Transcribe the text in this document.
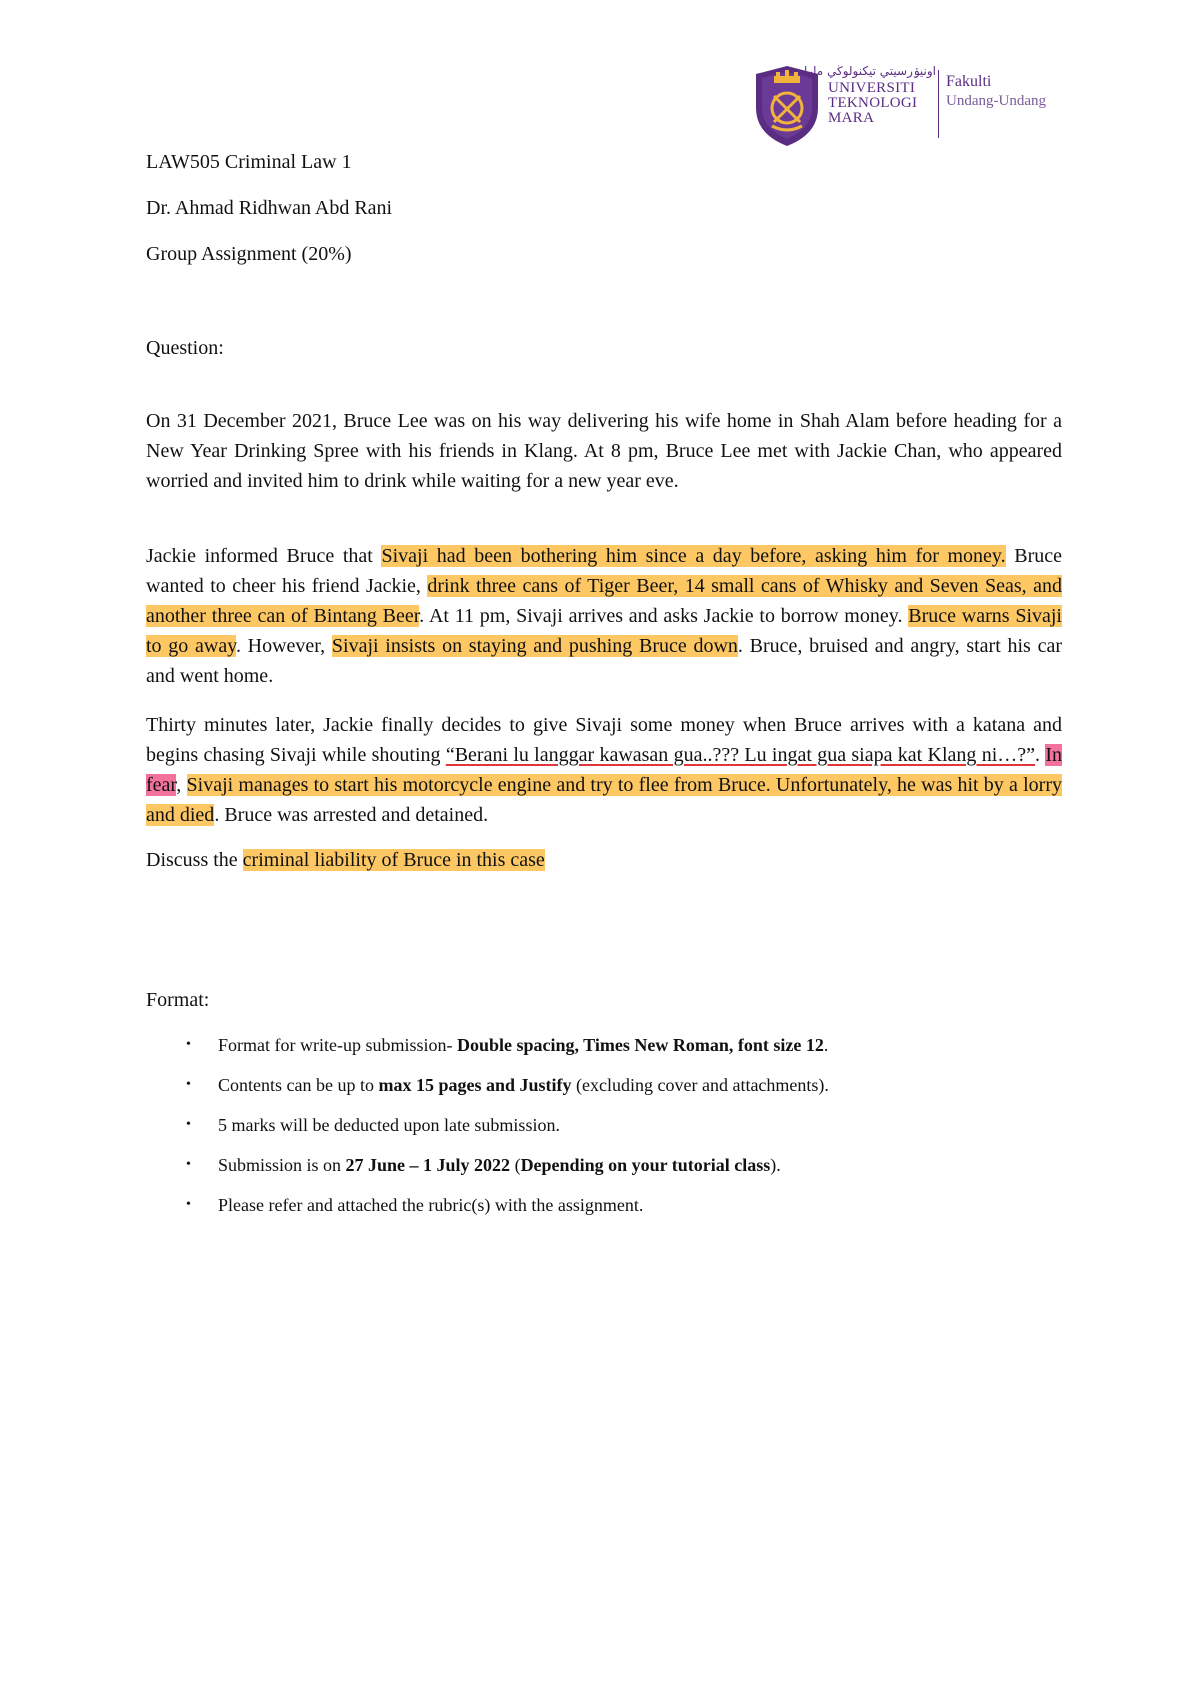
اونيۏرسيتي تيكنولوڬي مارا
UNIVERSITI
TEKNOLOGI
MARA
Fakulti
Undang-Undang
LAW505 Criminal Law 1
Dr. Ahmad Ridhwan Abd Rani
Group Assignment (20%)
Question:
On 31 December 2021, Bruce Lee was on his way delivering his wife home in Shah Alam before heading for a New Year Drinking Spree with his friends in Klang. At 8 pm, Bruce Lee met with Jackie Chan, who appeared worried and invited him to drink while waiting for a new year eve.
Jackie informed Bruce that Sivaji had been bothering him since a day before, asking him for money. Bruce wanted to cheer his friend Jackie, drink three cans of Tiger Beer, 14 small cans of Whisky and Seven Seas, and another three can of Bintang Beer. At 11 pm, Sivaji arrives and asks Jackie to borrow money. Bruce warns Sivaji to go away. However, Sivaji insists on staying and pushing Bruce down. Bruce, bruised and angry, start his car and went home.
Thirty minutes later, Jackie finally decides to give Sivaji some money when Bruce arrives with a katana and begins chasing Sivaji while shouting “Berani lu langgar kawasan gua..??? Lu ingat gua siapa kat Klang ni…?”. In fear, Sivaji manages to start his motorcycle engine and try to flee from Bruce. Unfortunately, he was hit by a lorry and died. Bruce was arrested and detained.
Discuss the criminal liability of Bruce in this case
Format:
• Format for write-up submission- Double spacing, Times New Roman, font size 12.
• Contents can be up to max 15 pages and Justify (excluding cover and attachments).
• 5 marks will be deducted upon late submission.
• Submission is on 27 June – 1 July 2022 (Depending on your tutorial class).
• Please refer and attached the rubric(s) with the assignment.
